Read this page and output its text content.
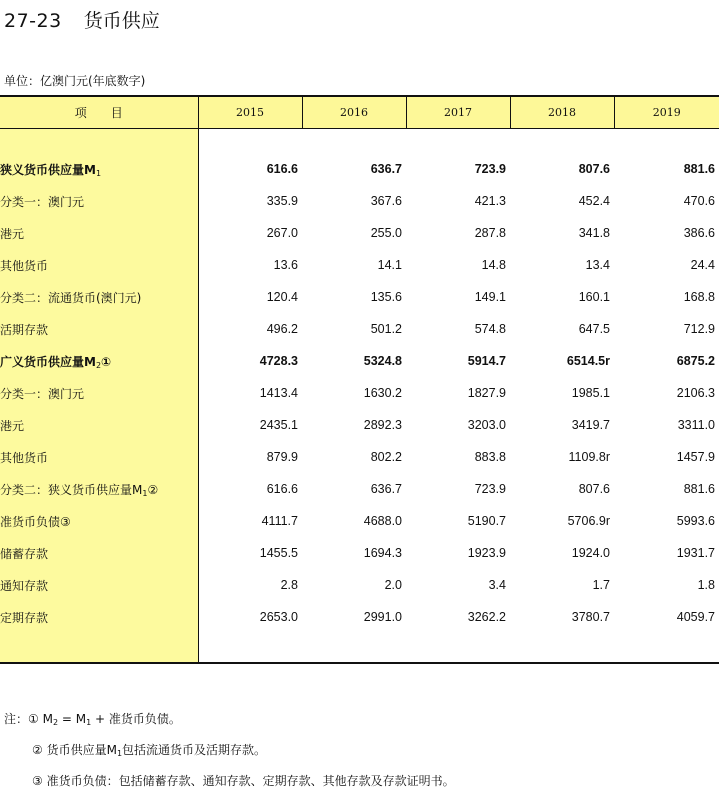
27-23 货币供应
单位：亿澳门元(年底数字)
项　　目	2015	2016	2017	2018	2019

狭义货币供应量$M_1$	616.6	636.7	723.9	807.6	881.6
分类一：澳门元	335.9	367.6	421.3	452.4	470.6
港元	267.0	255.0	287.8	341.8	386.6
其他货币	13.6	14.1	14.8	13.4	24.4
分类二：流通货币(澳门元)	120.4	135.6	149.1	160.1	168.8
活期存款	496.2	501.2	574.8	647.5	712.9
广义货币供应量$M_2①$	4728.3	5324.8	5914.7	6514.5r	6875.2
分类一：澳门元	1413.4	1630.2	1827.9	1985.1	2106.3
港元	2435.1	2892.3	3203.0	3419.7	3311.0
其他货币	879.9	802.2	883.8	1109.8r	1457.9
分类二：狭义货币供应量$M_1②$	616.6	636.7	723.9	807.6	881.6
准货币负债③	4111.7	4688.0	5190.7	5706.9r	5993.6
储蓄存款	1455.5	1694.3	1923.9	1924.0	1931.7
通知存款	2.8	2.0	3.4	1.7	1.8
定期存款	2653.0	2991.0	3262.2	3780.7	4059.7

注：① $M_2 = M_1$ + 准货币负债。
② 货币供应量$M_1$包括流通货币及活期存款。
③ 准货币负债：包括储蓄存款、通知存款、定期存款、其他存款及存款证明书。
